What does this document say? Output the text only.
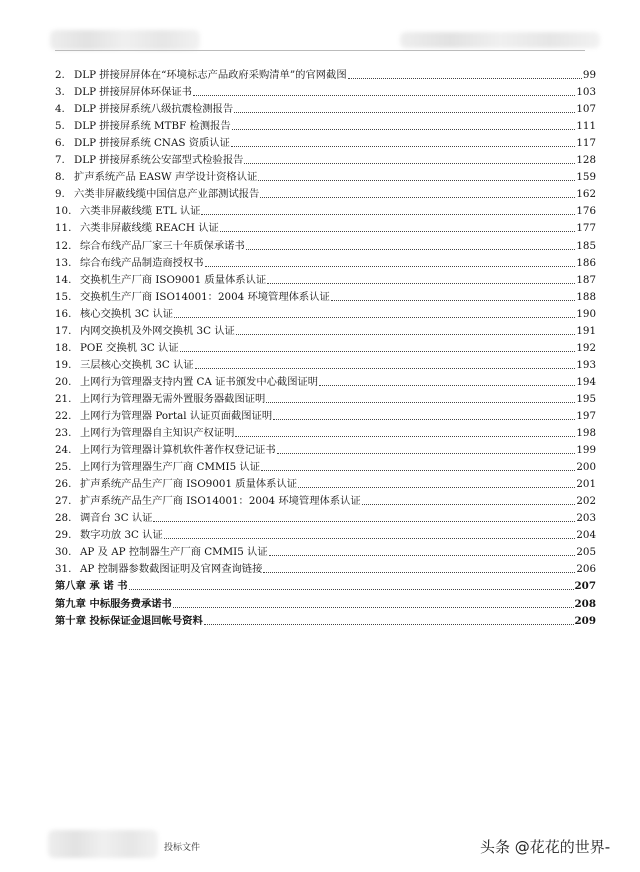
2. DLP 拼接屏屏体在“环境标志产品政府采购清单”的官网截图	99
3. DLP 拼接屏屏体环保证书	103
4. DLP 拼接屏系统八级抗震检测报告	107
5. DLP 拼接屏系统 MTBF 检测报告	111
6. DLP 拼接屏系统 CNAS 资质认证	117
7. DLP 拼接屏系统公安部型式检验报告	128
8. 扩声系统产品 EASW 声学设计资格认证	159
9. 六类非屏蔽线缆中国信息产业部测试报告	162
10. 六类非屏蔽线缆 ETL 认证	176
11. 六类非屏蔽线缆 REACH 认证	177
12. 综合布线产品厂家三十年质保承诺书	185
13. 综合布线产品制造商授权书	186
14. 交换机生产厂商 ISO9001 质量体系认证	187
15. 交换机生产厂商 ISO14001：2004 环境管理体系认证	188
16. 核心交换机 3C 认证	190
17. 内网交换机及外网交换机 3C 认证	191
18. POE 交换机 3C 认证	192
19. 三层核心交换机 3C 认证	193
20. 上网行为管理器支持内置 CA 证书颁发中心截图证明	194
21. 上网行为管理器无需外置服务器截图证明	195
22. 上网行为管理器 Portal 认证页面截图证明	197
23. 上网行为管理器自主知识产权证明	198
24. 上网行为管理器计算机软件著作权登记证书	199
25. 上网行为管理器生产厂商 CMMI5 认证	200
26. 扩声系统产品生产厂商 ISO9001 质量体系认证	201
27. 扩声系统产品生产厂商 ISO14001：2004 环境管理体系认证	202
28. 调音台 3C 认证	203
29. 数字功放 3C 认证	204
30. AP 及 AP 控制器生产厂商 CMMI5 认证	205
31. AP 控制器参数截图证明及官网查询链接	206
第八章 承 诺 书	207
第九章 中标服务费承诺书	208
第十章 投标保证金退回帐号资料	209
投标文件	头条 @花花的世界-
